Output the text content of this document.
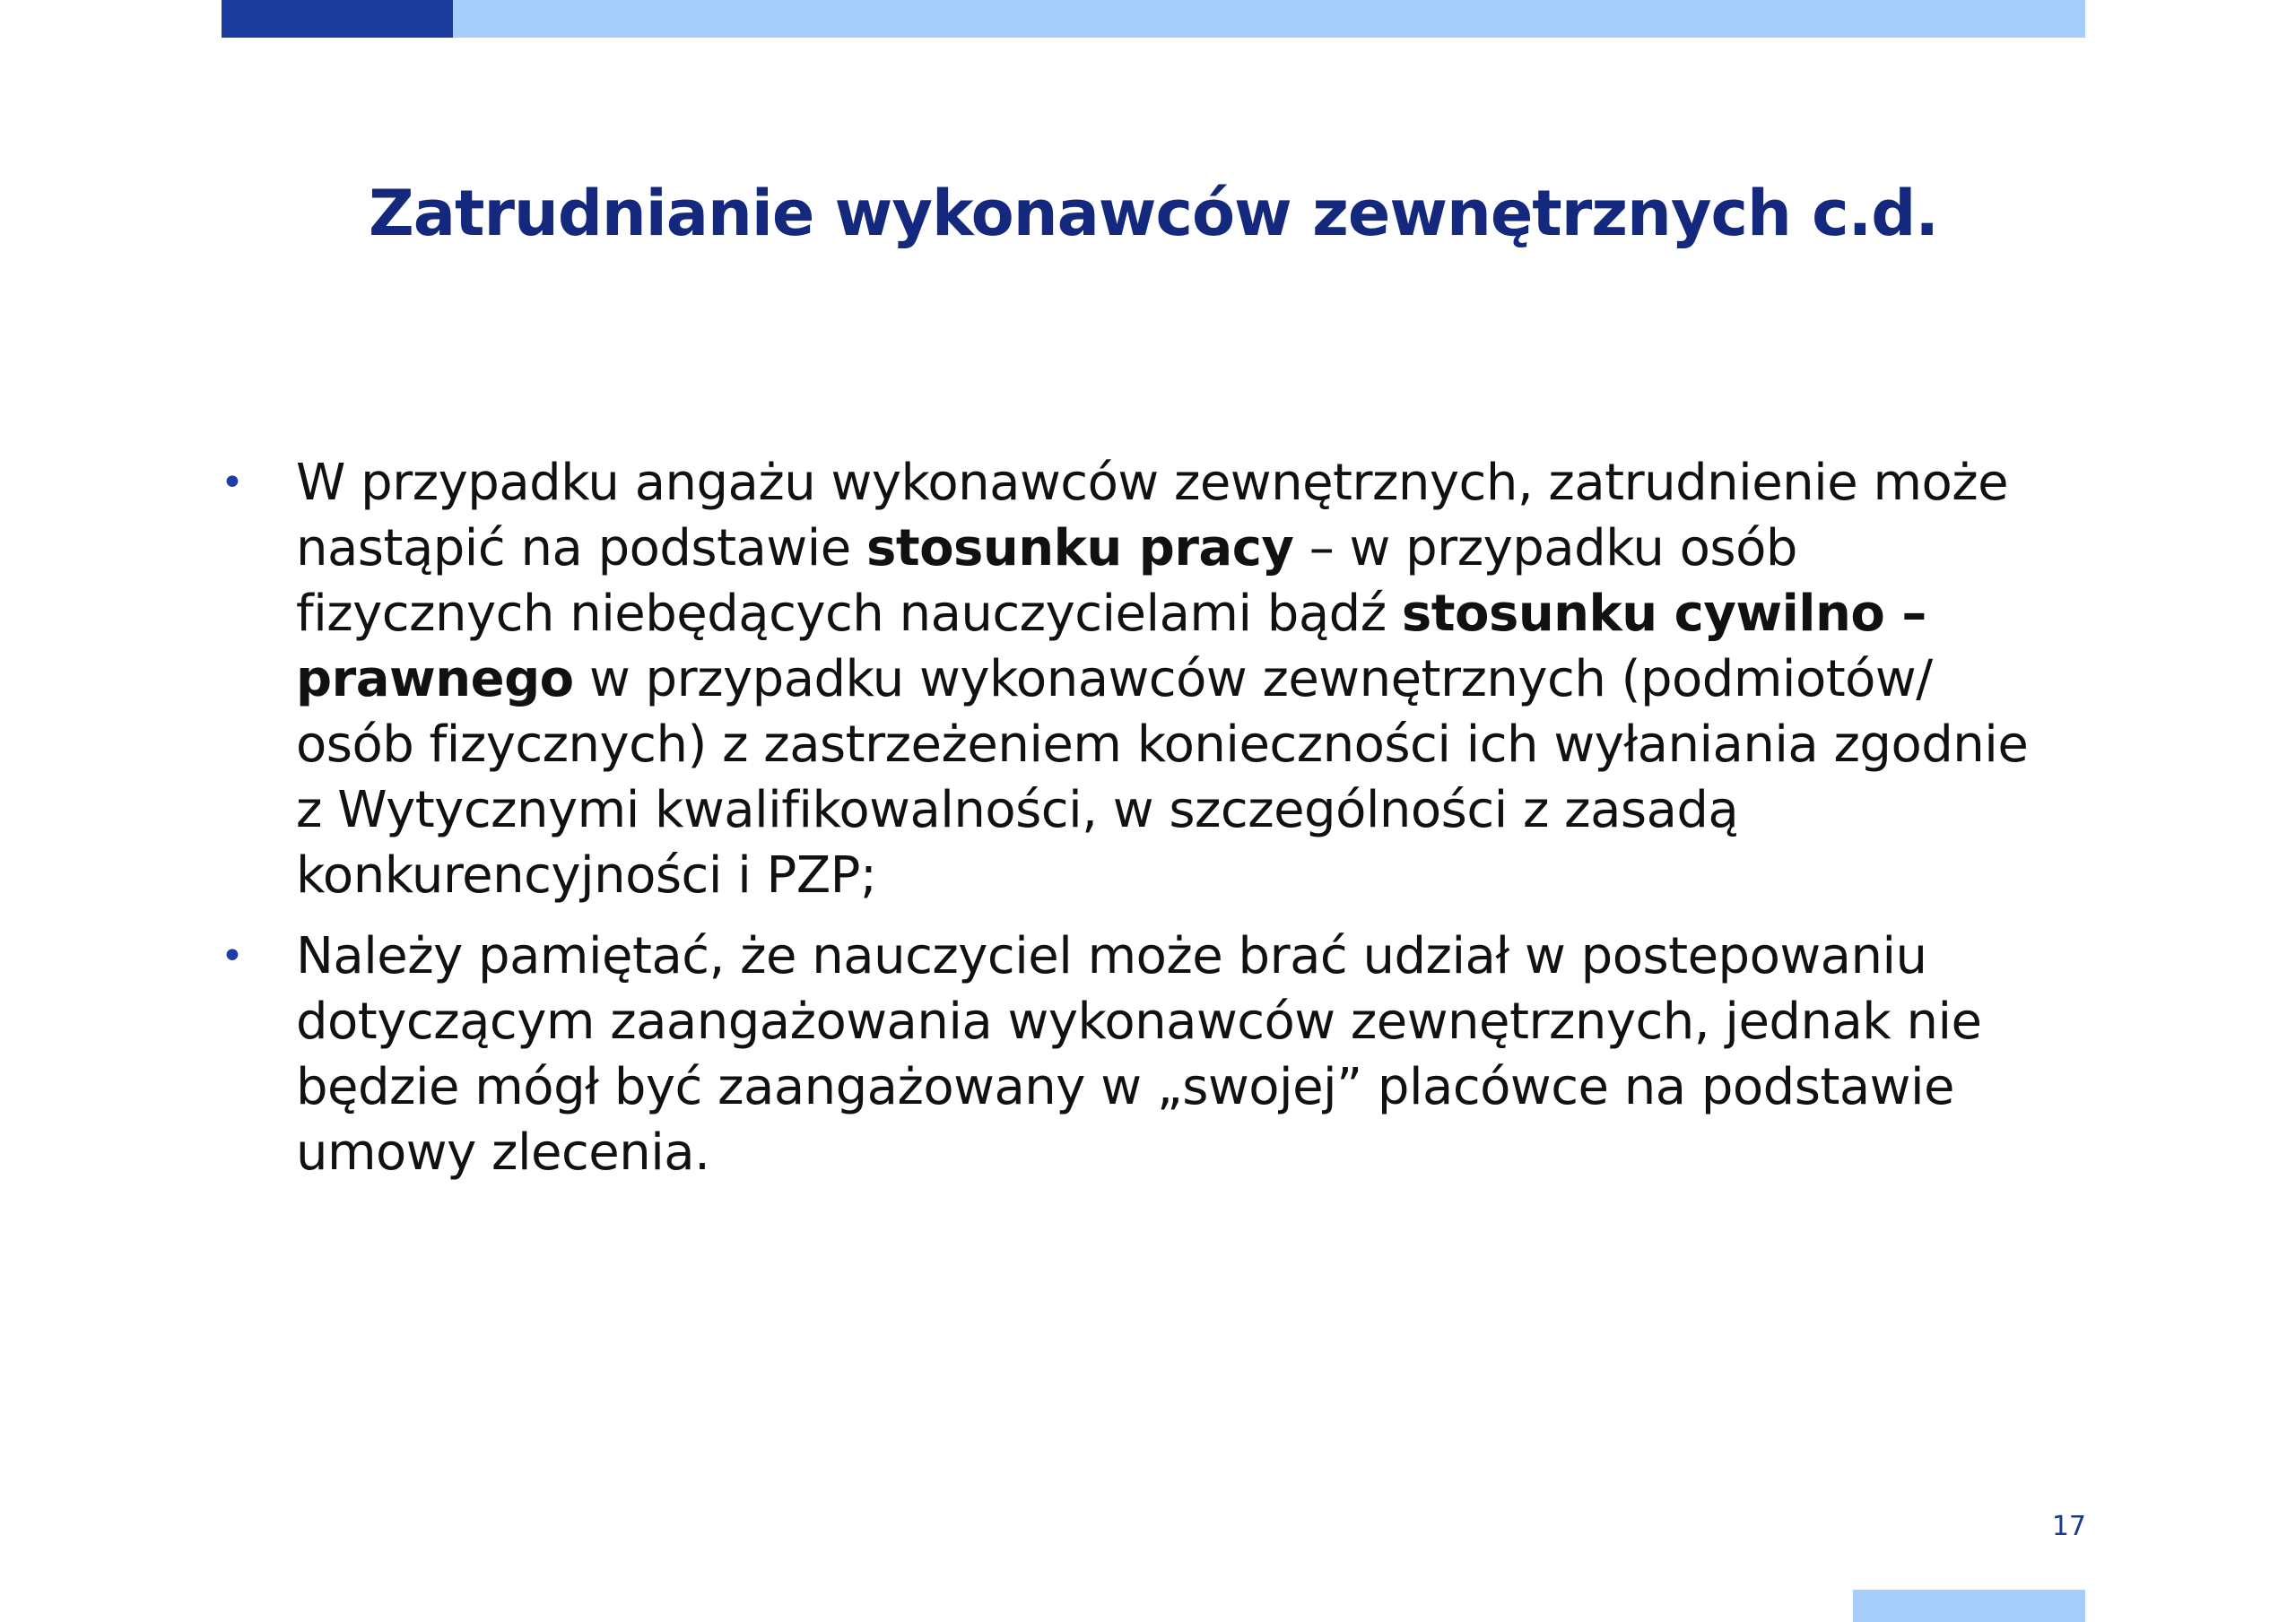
Zatrudnianie wykonawców zewnętrznych c.d.
• W przypadku angażu wykonawców zewnętrznych, zatrudnienie może nastąpić na podstawie stosunku pracy – w przypadku osób fizycznych niebędących nauczycielami bądź stosunku cywilno – prawnego w przypadku wykonawców zewnętrznych (podmiotów/ osób fizycznych) z zastrzeżeniem konieczności ich wyłaniania zgodnie z Wytycznymi kwalifikowalności, w szczególności z zasadą konkurencyjności i PZP;
• Należy pamiętać, że nauczyciel może brać udział w postepowaniu dotyczącym zaangażowania wykonawców zewnętrznych, jednak nie będzie mógł być zaangażowany w „swojej” placówce na podstawie umowy zlecenia.
17
